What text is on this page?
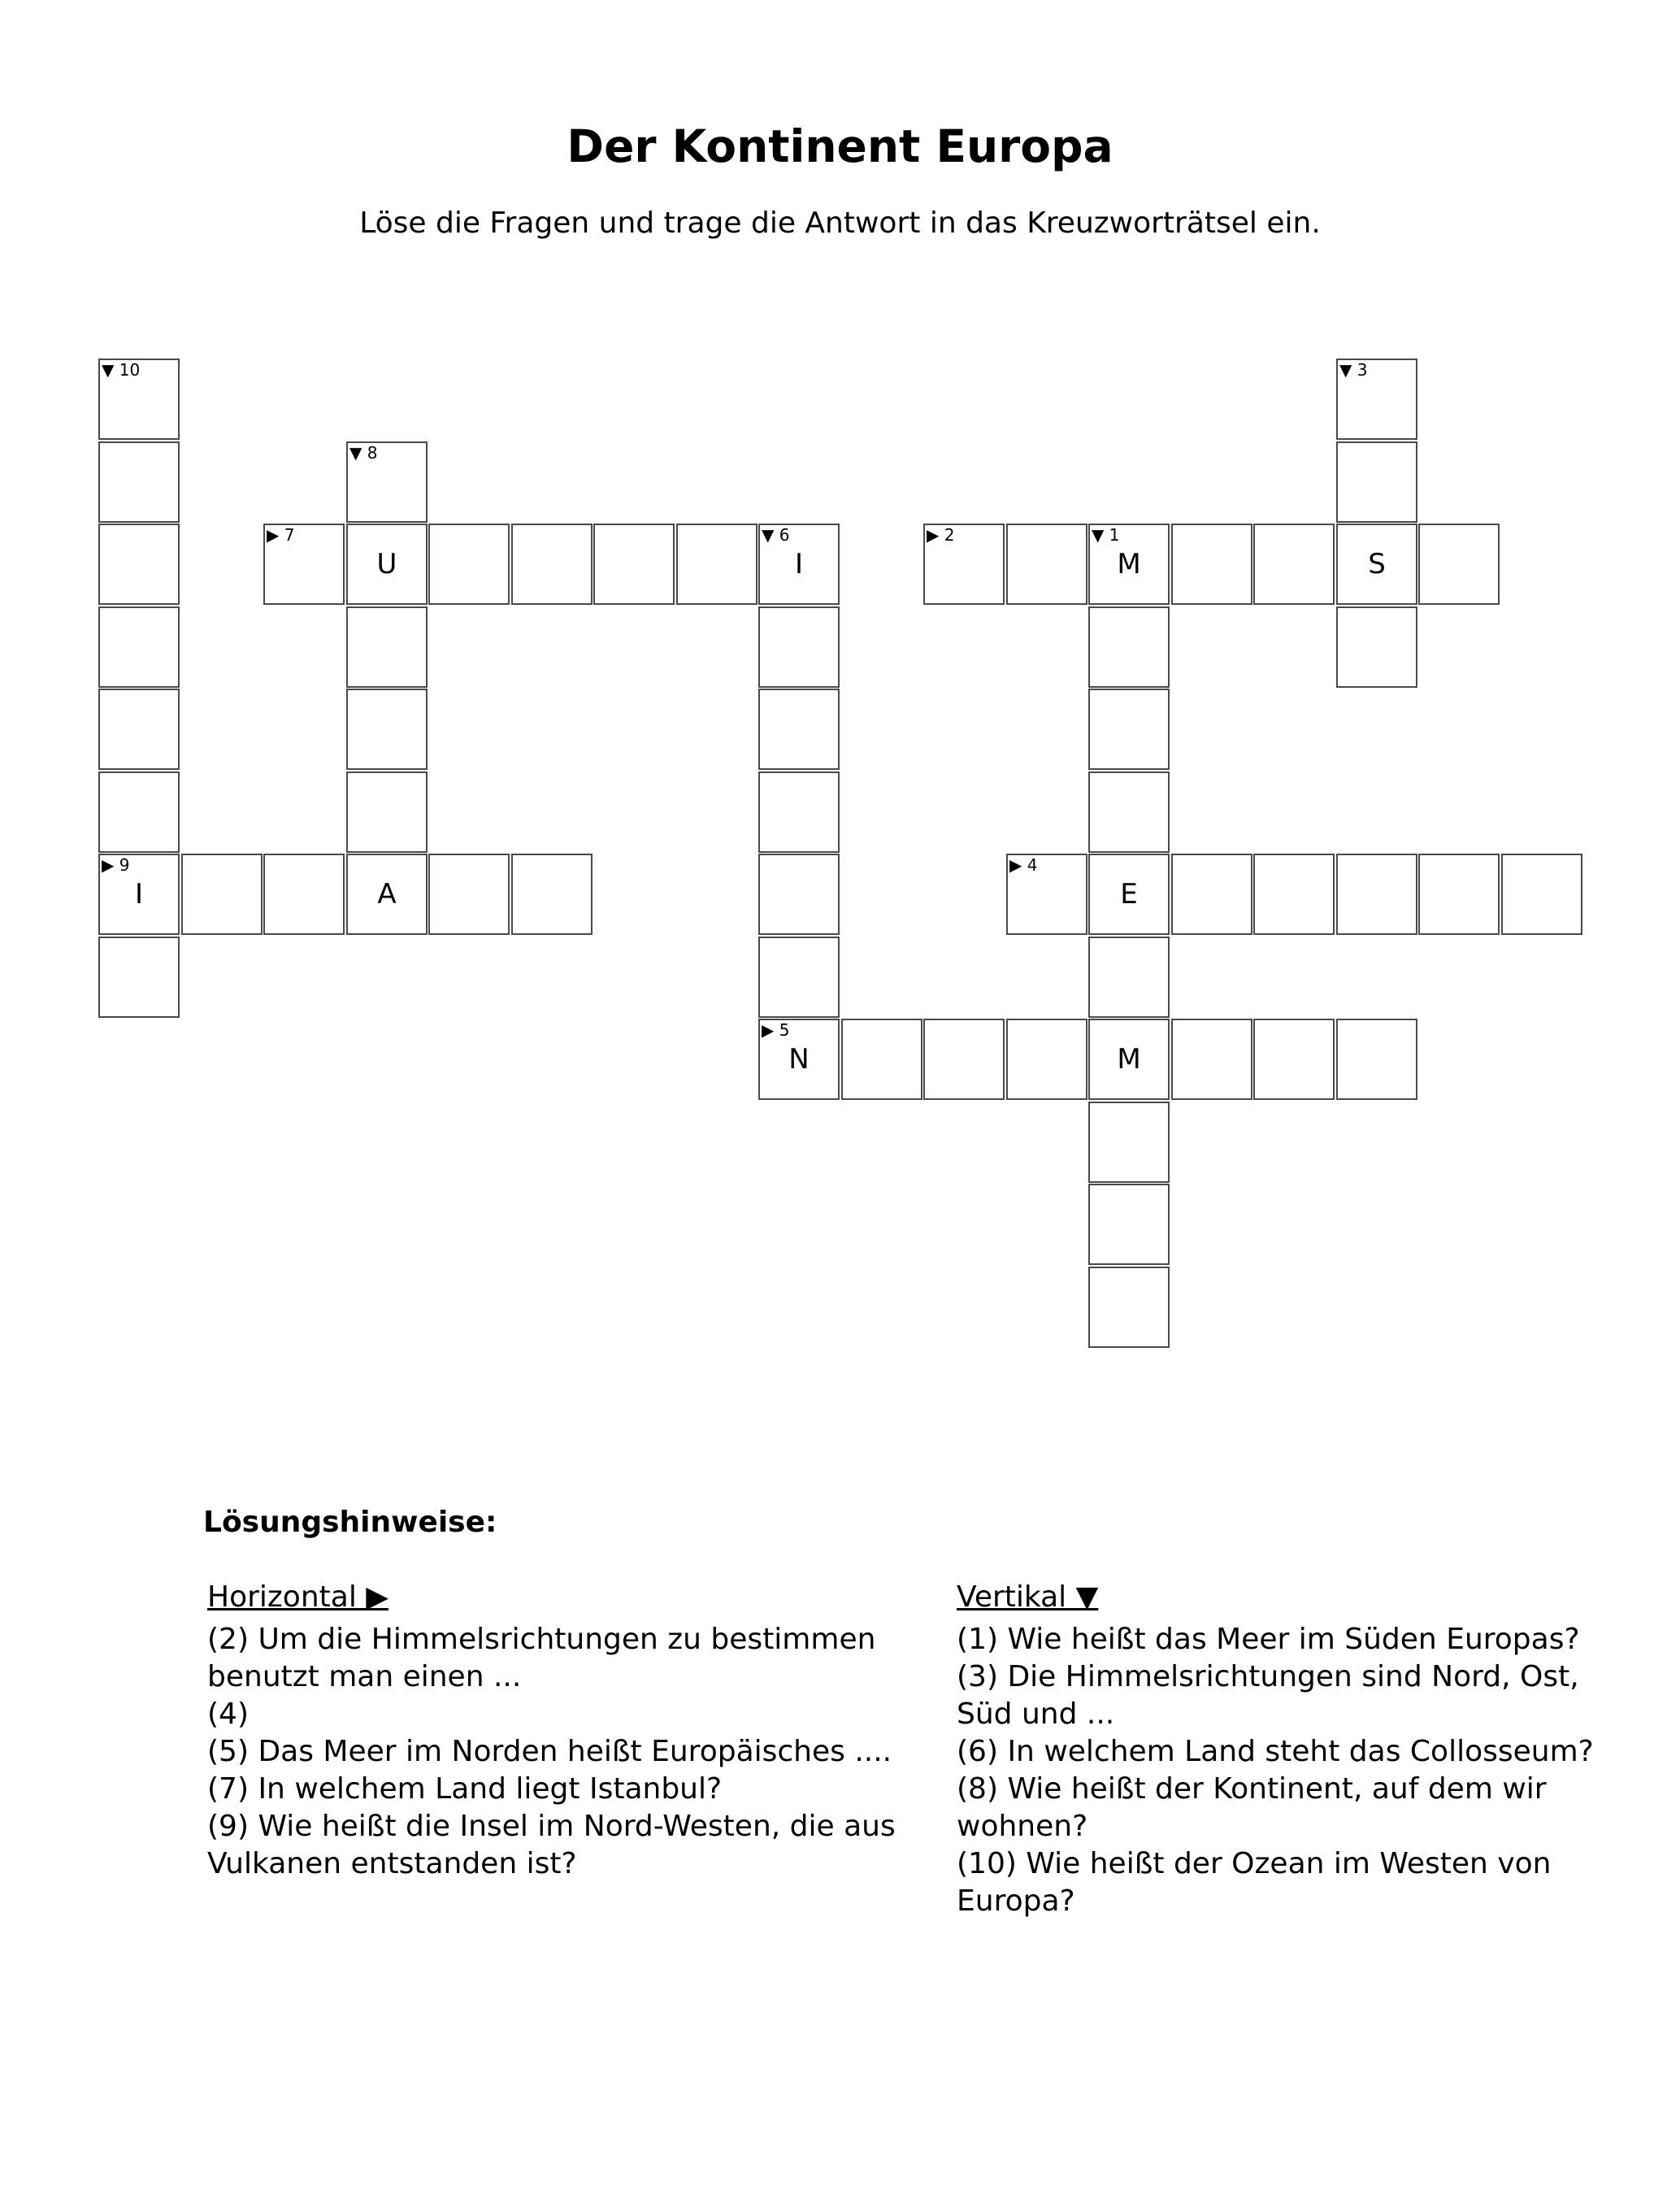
Der Kontinent Europa
Löse die Fragen und trage die Antwort in das Kreuzworträtsel ein.
▼ 10
▶ 9
I	A
▼ 8
▶ 7
U
▼ 6
I
▶ 5
N	M
▶ 2	▼ 1
M	S
▼ 3
▶ 4
E
Lösungshinweise:
Horizontal ▶

(2) Um die Himmelsrichtungen zu bestimmen benutzt man einen ...

(4)

(5) Das Meer im Norden heißt Europäisches ....

(7) In welchem Land liegt Istanbul?

(9) Wie heißt die Insel im Nord-Westen, die aus Vulkanen entstanden ist?

Vertikal ▼

(1) Wie heißt das Meer im Süden Europas?

(3) Die Himmelsrichtungen sind Nord, Ost, Süd und ...

(6) In welchem Land steht das Collosseum?

(8) Wie heißt der Kontinent, auf dem wir wohnen?

(10) Wie heißt der Ozean im Westen von Europa?
